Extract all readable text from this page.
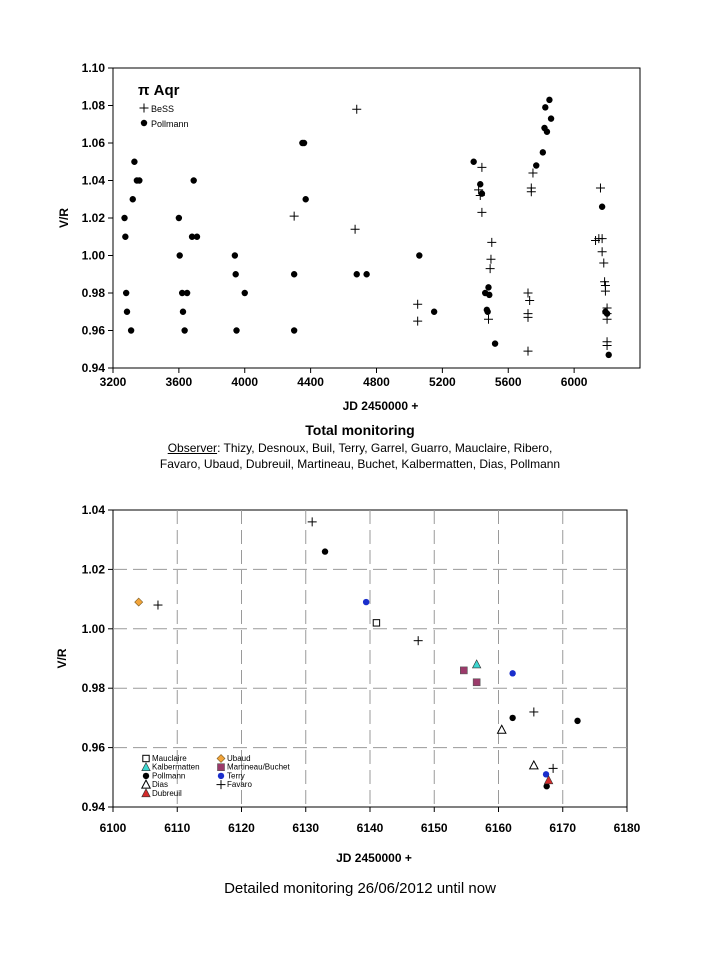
0.94
0.96
0.98
1.00
1.02
1.04
1.06
1.08
1.10
3200	3600	4000	4400	4800	5200	5600	6000
JD 2450000 +
V/R
π Aqr
BeSS
Pollmann
0.94
0.96
0.98
1.00
1.02
1.04
6100	6110	6120	6130	6140	6150	6160	6170	6180
JD 2450000 +
V/R
Mauclaire	Ubaud
Kalbermatten	Martineau/Buchet
Pollmann	Terry
Dias	Favaro
Dubreuil
Total monitoring
Observer: Thizy, Desnoux, Buil, Terry, Garrel, Guarro, Mauclaire, Ribero,
Favaro, Ubaud, Dubreuil, Martineau, Buchet, Kalbermatten, Dias, Pollmann
Detailed monitoring 26/06/2012 until now
